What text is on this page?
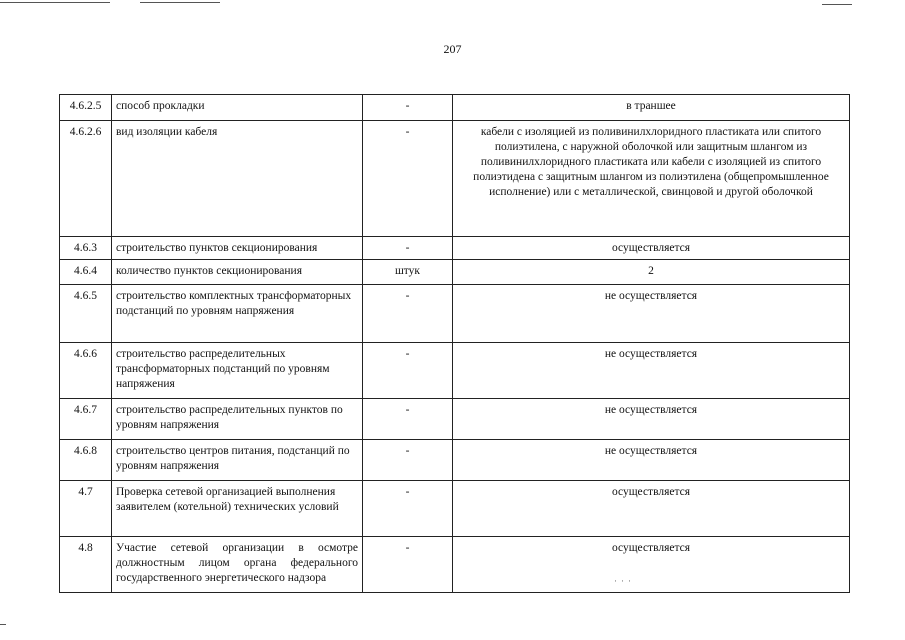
207
4.6.2.5	способ прокладки	-	в траншее
4.6.2.6	вид изоляции кабеля	-	кабели с изоляцией из поливинилхлоридного пластиката или спитого полиэтилена, с наружной оболочкой или защитным шлангом из поливинилхлоридного пластиката или кабели с изоляцией из спитого полиэтидена с защитным шлангом из полиэтилена (общепромышленное исполнение) или с металлической, свинцовой и другой оболочкой
4.6.3	строительство пунктов секционирования	-	осуществляется
4.6.4	количество пунктов секционирования	штук	2
4.6.5	строительство комплектных трансформаторных подстанций по уровням напряжения	-	не осуществляется
4.6.6	строительство распределительных трансформаторных подстанций по уровням напряжения	-	не осуществляется
4.6.7	строительство распределительных пунктов по уровням напряжения	-	не осуществляется
4.6.8	строительство центров питания, подстанций по уровням напряжения	-	не осуществляется
4.7	Проверка сетевой организацией выполнения заявителем (котельной) технических условий	-	осуществляется
4.8	Участие сетевой организации в осмотре должностным лицом органа федерального государственного энергетического надзора	-	осуществляется
···
